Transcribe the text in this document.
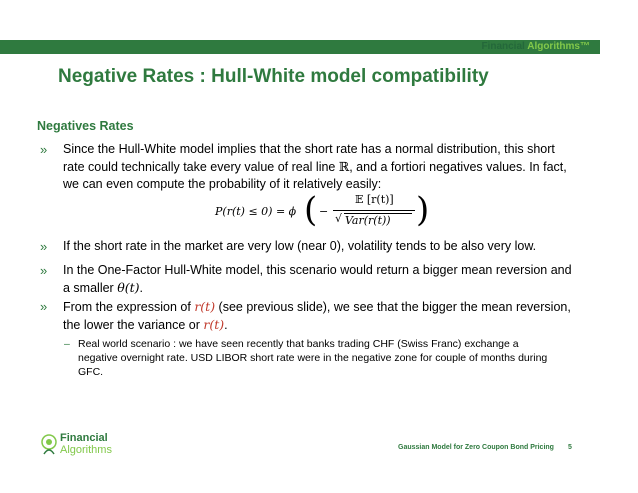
Financial Algorithms™
Negative Rates : Hull-White model compatibility
Negatives Rates
» Since the Hull-White model implies that the short rate has a normal distribution, this short
rate could technically take every value of real line ℝ, and a fortiori negatives values. In fact,
we can even compute the probability of it relatively easily:
P(r(t) ≤ 0) = ϕ ( −
𝔼 [r(t)]
√ Var(r(t)) )
» If the short rate in the market are very low (near 0), volatility tends to be also very low.
» In the One-Factor Hull-White model, this scenario would return a bigger mean reversion and
a smaller θ(t).
» From the expression of r(t) (see previous slide), we see that the bigger the mean reversion,
the lower the variance or r(t).
– Real world scenario : we have seen recently that banks trading CHF (Swiss Franc) exchange a
negative overnight rate. USD LIBOR short rate were in the negative zone for couple of months during
GFC.
Financial
Algorithms	Gaussian Model for Zero Coupon Bond Pricing 5
